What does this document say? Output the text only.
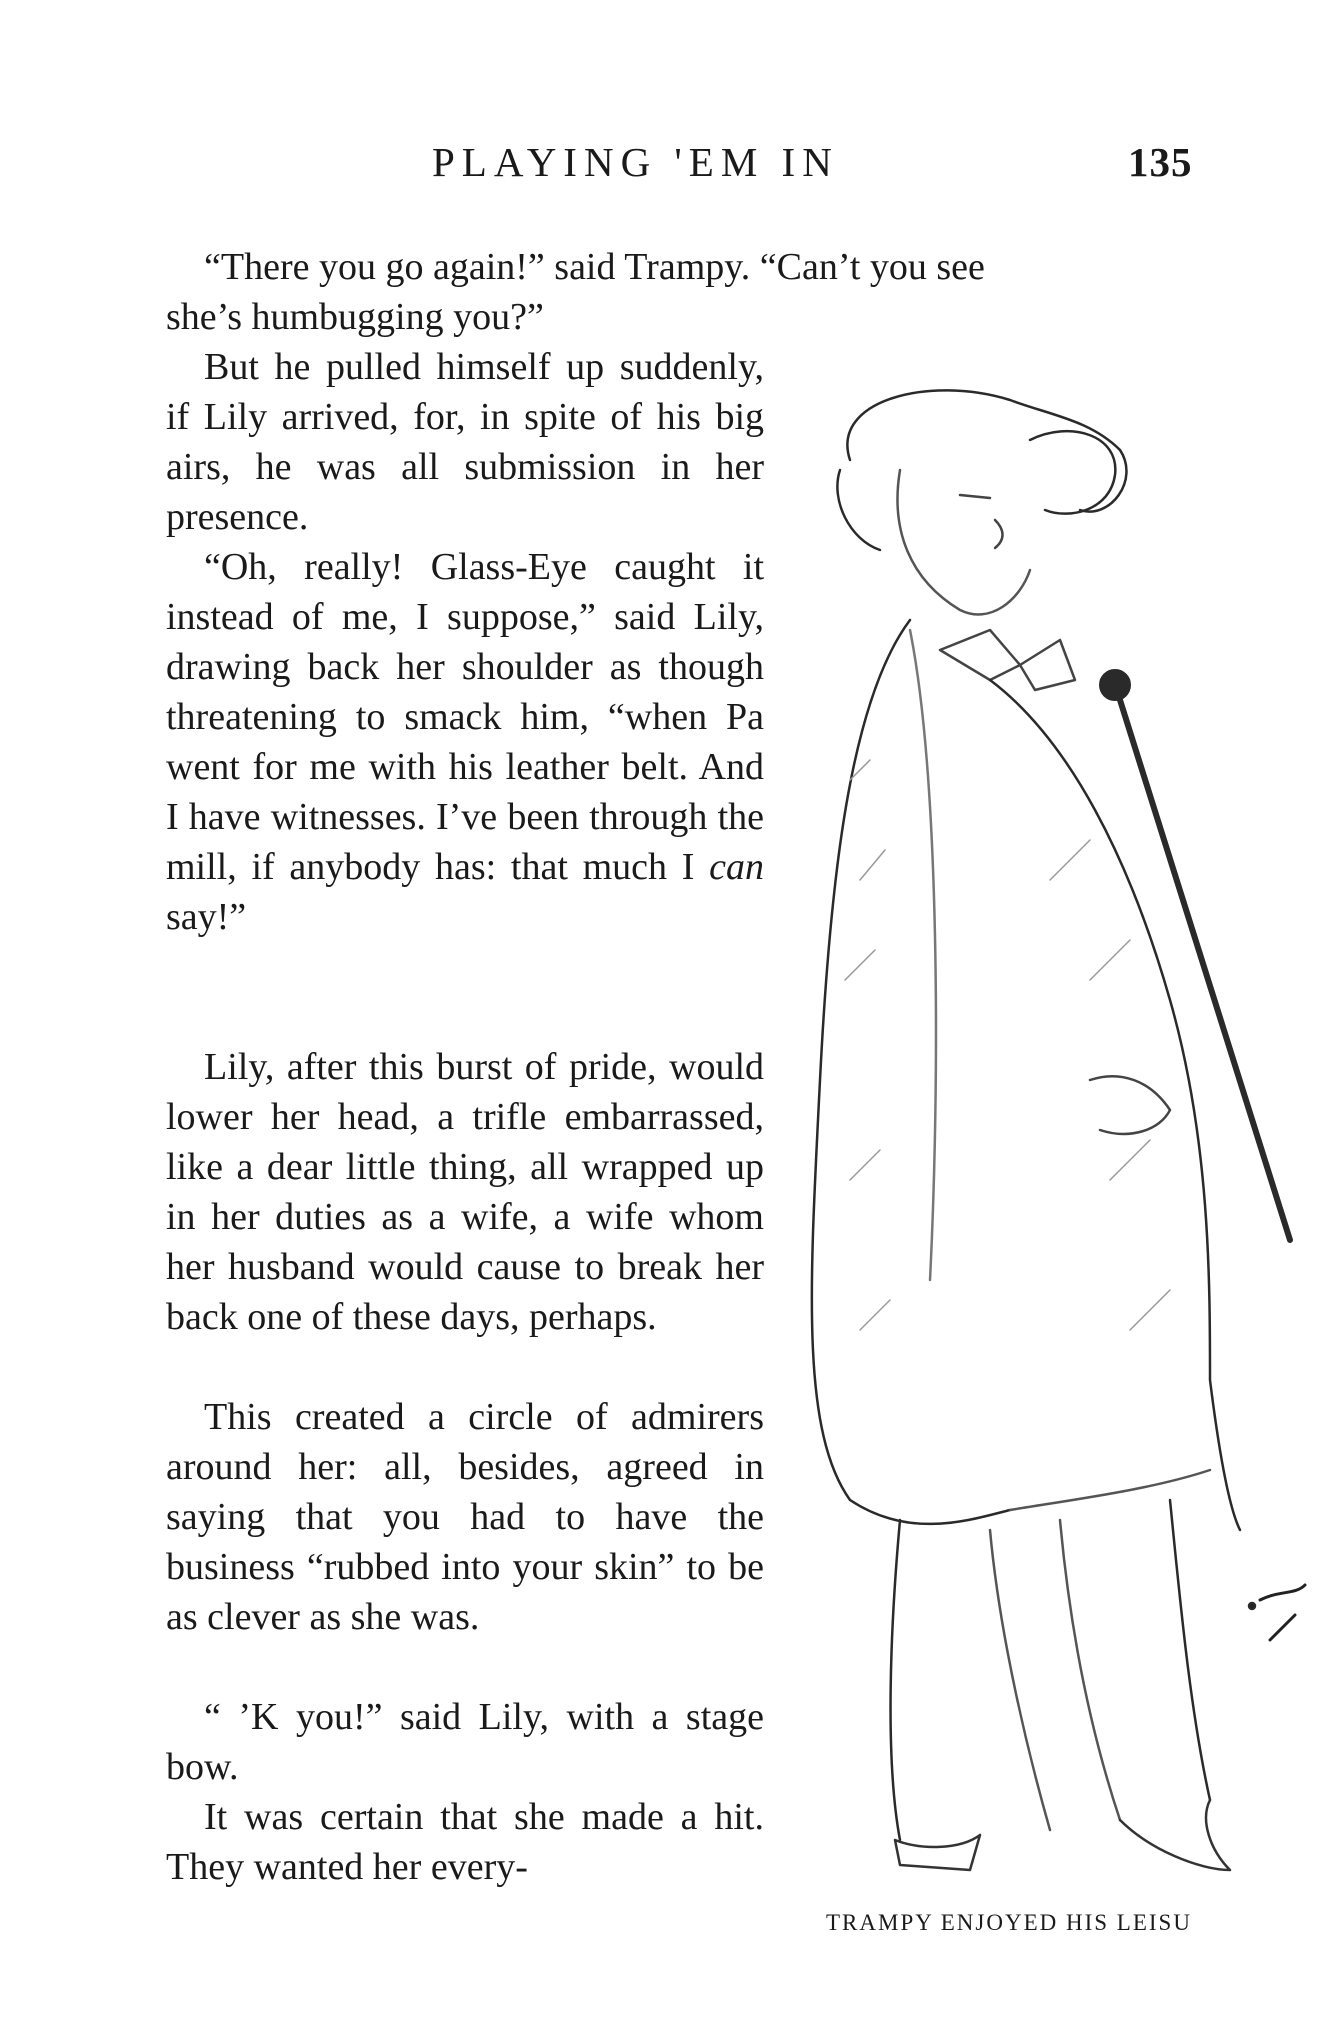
PLAYING 'EM IN	135
“There you go again!” said Trampy. “Can’t you see
she’s humbugging you?”

But he pulled himself up suddenly, if Lily arrived, for, in spite of his big airs, he was all submission in her presence.

“Oh, really! Glass-Eye caught it instead of me, I suppose,” said Lily, drawing back her shoulder as though threatening to smack him, “when Pa went for me with his leather belt. And I have witnesses. I’ve been through the mill, if anybody has: that much I can say!”

Lily, after this burst of pride, would lower her head, a trifle embarrassed, like a dear little thing, all wrapped up in her duties as a wife, a wife whom her husband would cause to break her back one of these days, perhaps.

This created a circle of admirers around her: all, besides, agreed in saying that you had to have the business “rubbed into your skin” to be as clever as she was.

“ ’K you!” said Lily, with a stage bow.

It was certain that she made a hit. They wanted her every-

TRAMPY ENJOYED HIS LEISU
